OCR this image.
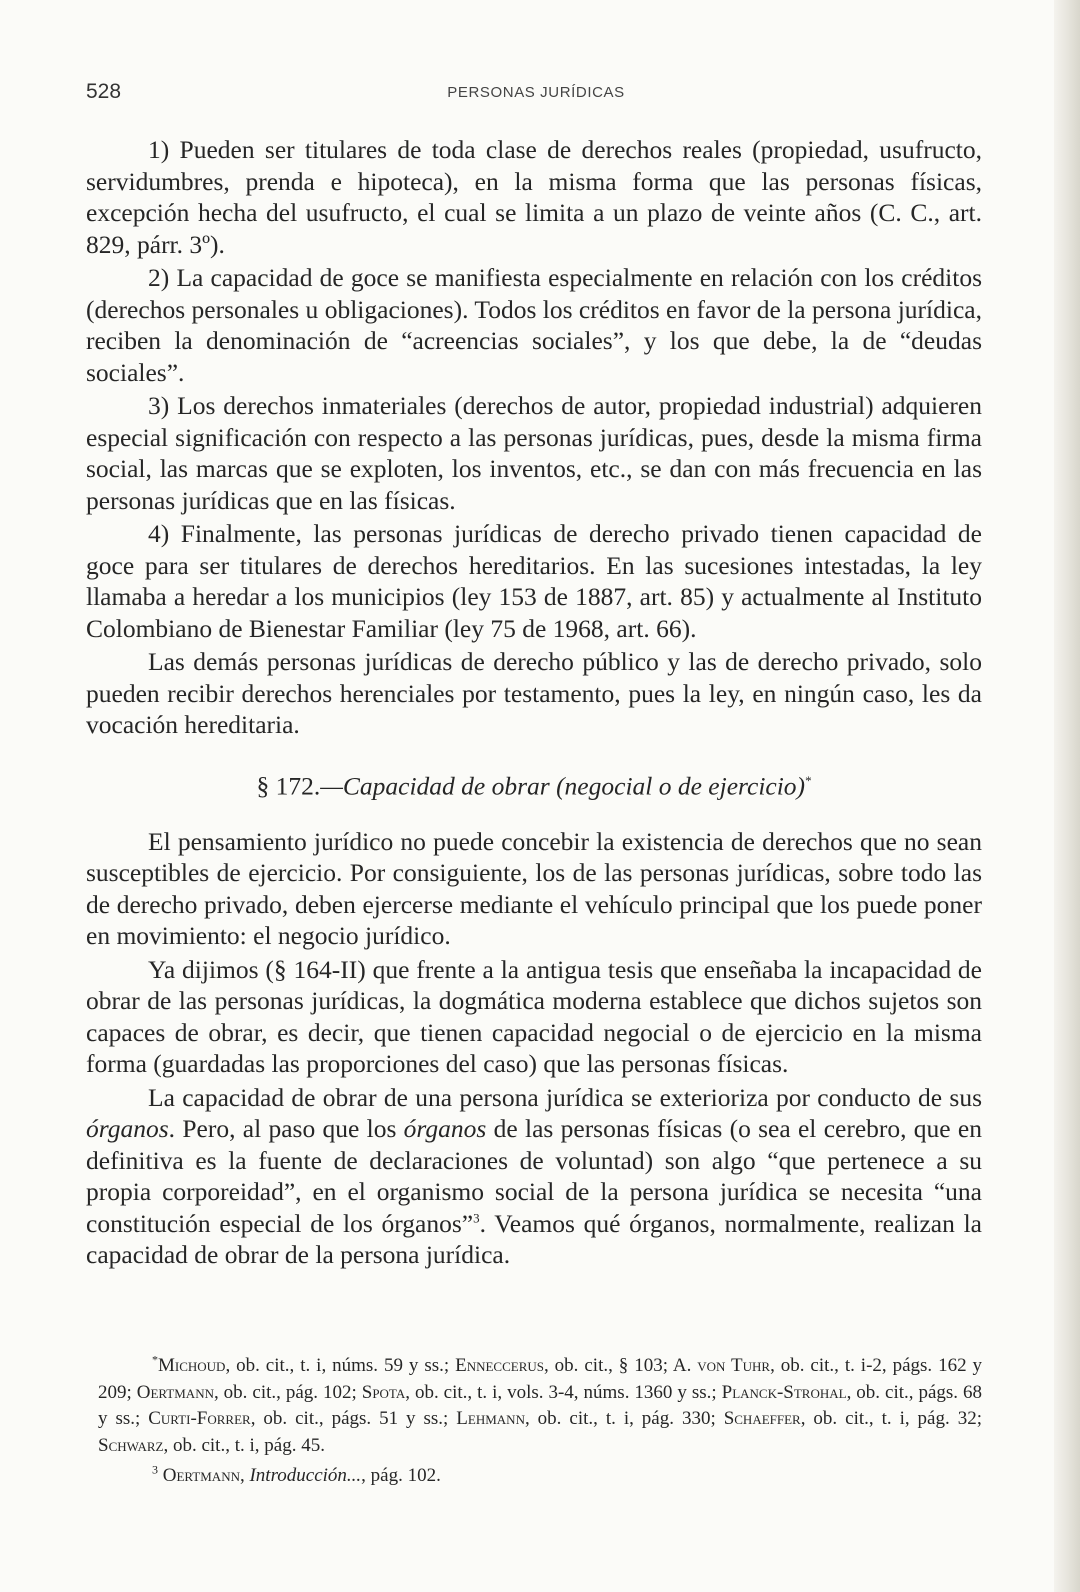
528	PERSONAS JURÍDICAS

1) Pueden ser titulares de toda clase de derechos reales (propiedad, usufructo, servidumbres, prenda e hipoteca), en la misma forma que las personas físicas, excepción hecha del usufructo, el cual se limita a un plazo de veinte años (C. C., art. 829, párr. 3º).

2) La capacidad de goce se manifiesta especialmente en relación con los créditos (derechos personales u obligaciones). Todos los créditos en favor de la persona jurídica, reciben la denominación de “acreencias sociales”, y los que debe, la de “deudas sociales”.

3) Los derechos inmateriales (derechos de autor, propiedad industrial) adquieren especial significación con respecto a las personas jurídicas, pues, desde la misma firma social, las marcas que se exploten, los inventos, etc., se dan con más frecuencia en las personas jurídicas que en las físicas.

4) Finalmente, las personas jurídicas de derecho privado tienen capacidad de goce para ser titulares de derechos hereditarios. En las sucesiones intestadas, la ley llamaba a heredar a los municipios (ley 153 de 1887, art. 85) y actualmente al Instituto Colombiano de Bienestar Familiar (ley 75 de 1968, art. 66).

Las demás personas jurídicas de derecho público y las de derecho privado, solo pueden recibir derechos herenciales por testamento, pues la ley, en ningún caso, les da vocación hereditaria.

§ 172.—Capacidad de obrar (negocial o de ejercicio)*

El pensamiento jurídico no puede concebir la existencia de derechos que no sean susceptibles de ejercicio. Por consiguiente, los de las personas jurídicas, sobre todo las de derecho privado, deben ejercerse mediante el vehículo principal que los puede poner en movimiento: el negocio jurídico.

Ya dijimos (§ 164-II) que frente a la antigua tesis que enseñaba la incapacidad de obrar de las personas jurídicas, la dogmática moderna establece que dichos sujetos son capaces de obrar, es decir, que tienen capacidad negocial o de ejercicio en la misma forma (guardadas las proporciones del caso) que las personas físicas.

La capacidad de obrar de una persona jurídica se exterioriza por conducto de sus órganos. Pero, al paso que los órganos de las personas físicas (o sea el cerebro, que en definitiva es la fuente de declaraciones de voluntad) son algo “que pertenece a su propia corporeidad”, en el organismo social de la persona jurídica se necesita “una constitución especial de los órganos”$^3$. Veamos qué órganos, normalmente, realizan la capacidad de obrar de la persona jurídica.

*Michoud, ob. cit., t. i, núms. 59 y ss.; Enneccerus, ob. cit., § 103; A. von Tuhr, ob. cit., t. i-2, págs. 162 y 209; Oertmann, ob. cit., pág. 102; Spota, ob. cit., t. i, vols. 3-4, núms. 1360 y ss.; Planck-Strohal, ob. cit., págs. 68 y ss.; Curti-Forrer, ob. cit., págs. 51 y ss.; Lehmann, ob. cit., t. i, pág. 330; Schaeffer, ob. cit., t. i, pág. 32; Schwarz, ob. cit., t. i, pág. 45.

$^3$ Oertmann, Introducción..., pág. 102.
